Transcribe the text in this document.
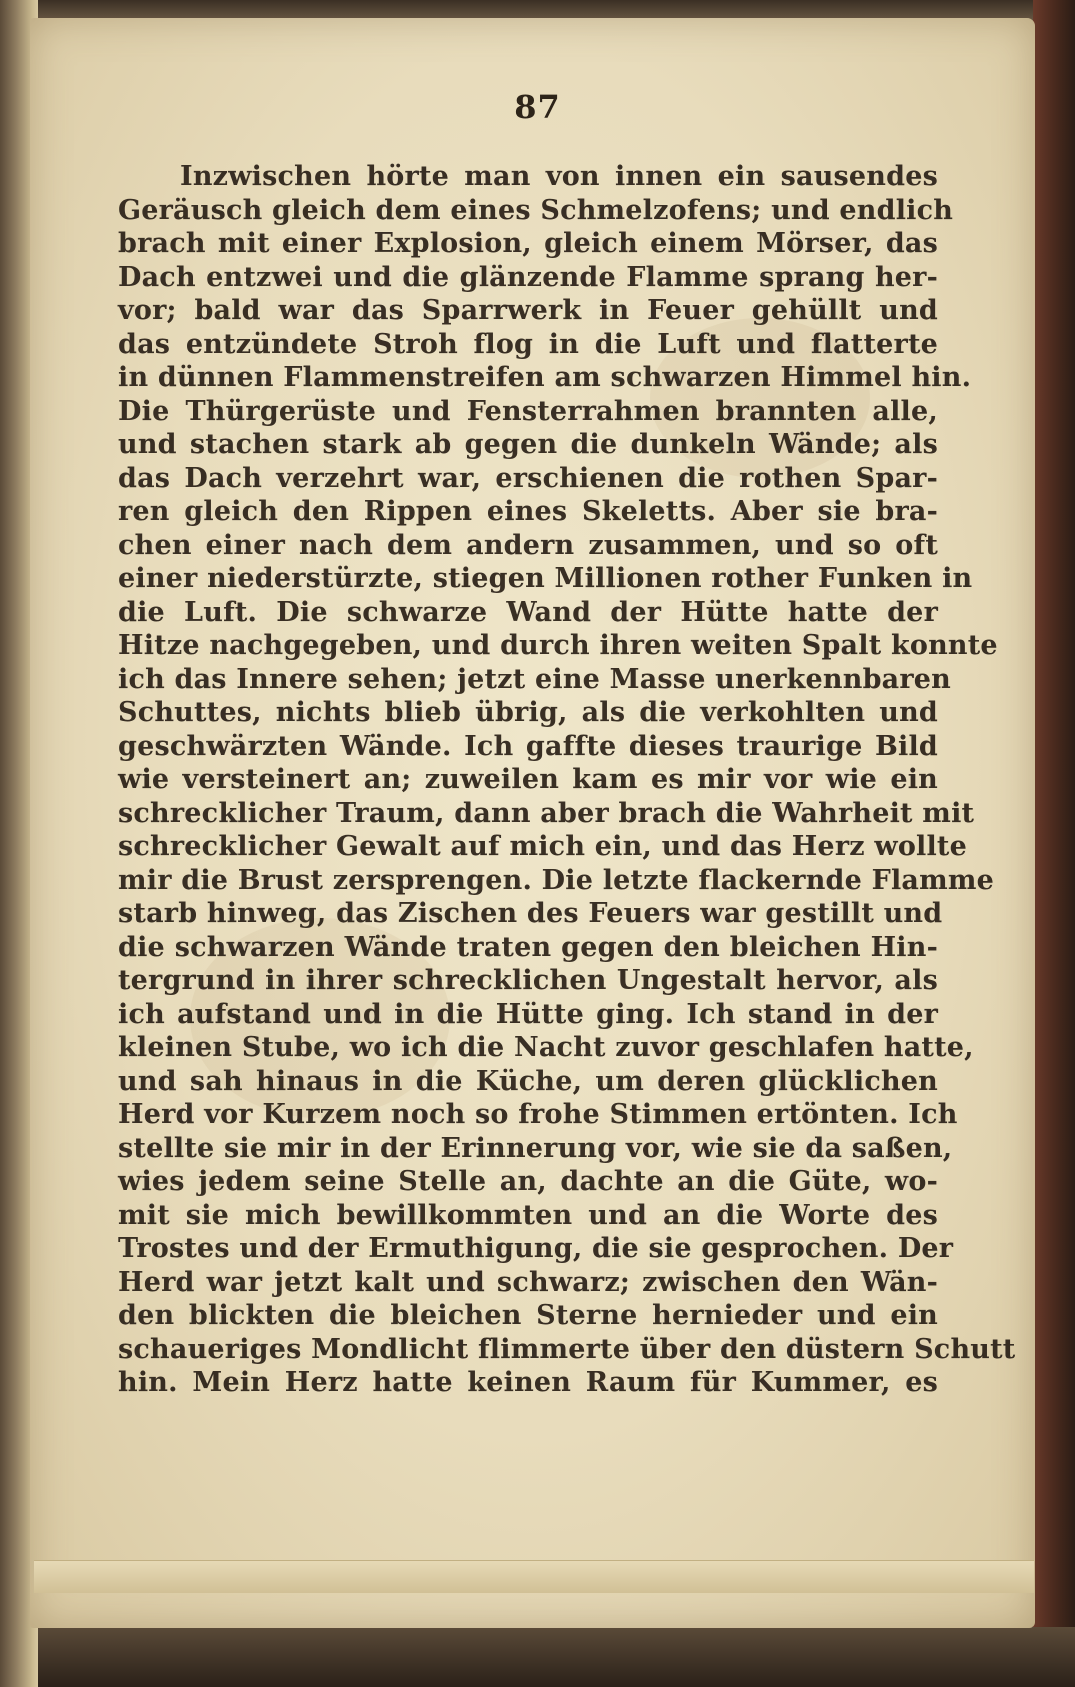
87
Inzwischen hörte man von innen ein sausendes
Geräusch gleich dem eines Schmelzofens; und endlich
brach mit einer Explosion, gleich einem Mörser, das
Dach entzwei und die glänzende Flamme sprang her-
vor; bald war das Sparrwerk in Feuer gehüllt und
das entzündete Stroh flog in die Luft und flatterte
in dünnen Flammenstreifen am schwarzen Himmel hin.
Die Thürgerüste und Fensterrahmen brannten alle,
und stachen stark ab gegen die dunkeln Wände; als
das Dach verzehrt war, erschienen die rothen Spar-
ren gleich den Rippen eines Skeletts. Aber sie bra-
chen einer nach dem andern zusammen, und so oft
einer niederstürzte, stiegen Millionen rother Funken in
die Luft. Die schwarze Wand der Hütte hatte der
Hitze nachgegeben, und durch ihren weiten Spalt konnte
ich das Innere sehen; jetzt eine Masse unerkennbaren
Schuttes, nichts blieb übrig, als die verkohlten und
geschwärzten Wände. Ich gaffte dieses traurige Bild
wie versteinert an; zuweilen kam es mir vor wie ein
schrecklicher Traum, dann aber brach die Wahrheit mit
schrecklicher Gewalt auf mich ein, und das Herz wollte
mir die Brust zersprengen. Die letzte flackernde Flamme
starb hinweg, das Zischen des Feuers war gestillt und
die schwarzen Wände traten gegen den bleichen Hin-
tergrund in ihrer schrecklichen Ungestalt hervor, als
ich aufstand und in die Hütte ging. Ich stand in der
kleinen Stube, wo ich die Nacht zuvor geschlafen hatte,
und sah hinaus in die Küche, um deren glücklichen
Herd vor Kurzem noch so frohe Stimmen ertönten. Ich
stellte sie mir in der Erinnerung vor, wie sie da saßen,
wies jedem seine Stelle an, dachte an die Güte, wo-
mit sie mich bewillkommten und an die Worte des
Trostes und der Ermuthigung, die sie gesprochen. Der
Herd war jetzt kalt und schwarz; zwischen den Wän-
den blickten die bleichen Sterne hernieder und ein
schaueriges Mondlicht flimmerte über den düstern Schutt
hin. Mein Herz hatte keinen Raum für Kummer, es
